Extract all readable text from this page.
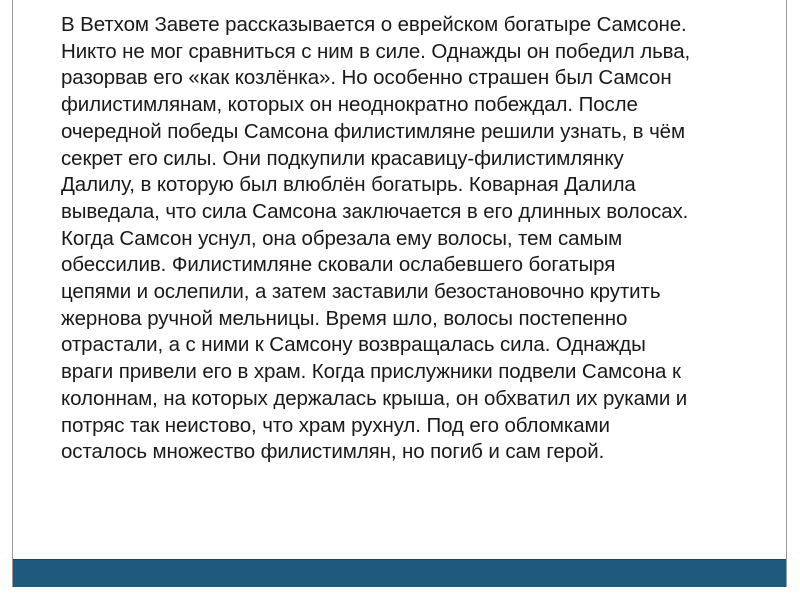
В Ветхом Завете рассказывается о еврейском богатыре Самсоне.
Никто не мог сравниться с ним в силе. Однажды он победил льва,
разорвав его «как козлёнка». Но особенно страшен был Самсон
филистимлянам, которых он неоднократно побеждал. После
очередной победы Самсона филистимляне решили узнать, в чём
секрет его силы. Они подкупили красавицу-филистимлянку
Далилу, в которую был влюблён богатырь. Коварная Далила
выведала, что сила Самсона заключается в его длинных волосах.
Когда Самсон уснул, она обрезала ему волосы, тем самым
обессилив. Филистимляне сковали ослабевшего богатыря
цепями и ослепили, а затем заставили безостановочно крутить
жернова ручной мельницы. Время шло, волосы постепенно
отрастали, а с ними к Самсону возвращалась сила. Однажды
враги привели его в храм. Когда прислужники подвели Самсона к
колоннам, на которых держалась крыша, он обхватил их руками и
потряс так неистово, что храм рухнул. Под его обломками
осталось множество филистимлян, но погиб и сам герой.
